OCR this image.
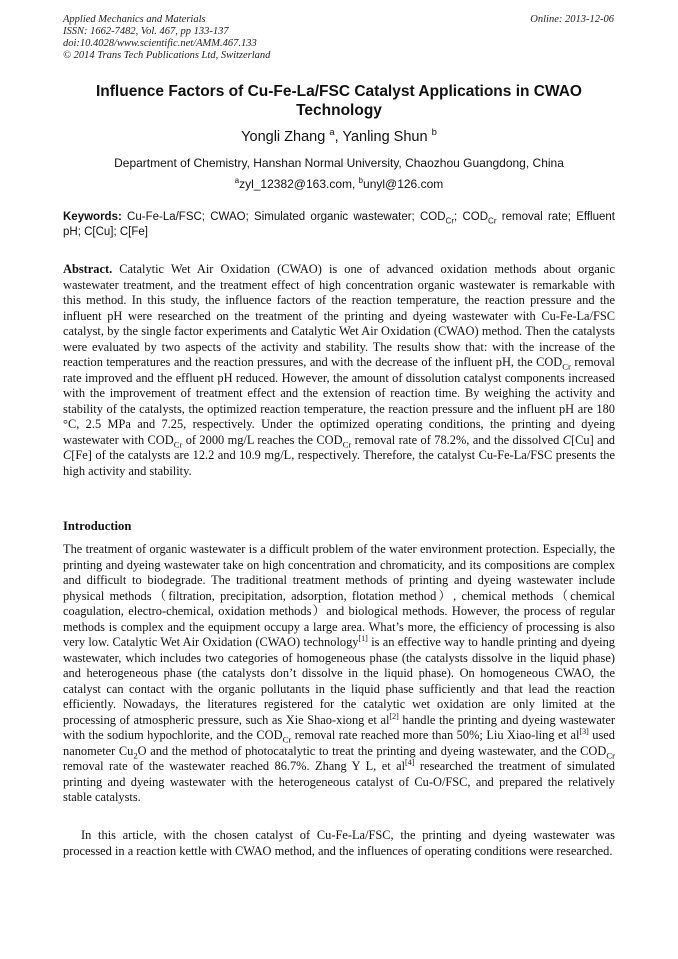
Applied Mechanics and Materials
ISSN: 1662-7482, Vol. 467, pp 133-137
doi:10.4028/www.scientific.net/AMM.467.133
© 2014 Trans Tech Publications Ltd, Switzerland
Online: 2013-12-06
Influence Factors of Cu-Fe-La/FSC Catalyst Applications in CWAO
Technology
Yongli Zhang $^a$, Yanling Shun $^b$
Department of Chemistry, Hanshan Normal University, Chaozhou Guangdong, China
$^a$zyl_12382@163.com, $^b$unyl@126.com
Keywords: Cu-Fe-La/FSC; CWAO; Simulated organic wastewater; $COD_{Cr}$; $COD_{Cr}$ removal rate; Effluent pH; C[Cu]; C[Fe]
Abstract. Catalytic Wet Air Oxidation (CWAO) is one of advanced oxidation methods about organic wastewater treatment, and the treatment effect of high concentration organic wastewater is remarkable with this method. In this study, the influence factors of the reaction temperature, the reaction pressure and the influent pH were researched on the treatment of the printing and dyeing wastewater with Cu-Fe-La/FSC catalyst, by the single factor experiments and Catalytic Wet Air Oxidation (CWAO) method. Then the catalysts were evaluated by two aspects of the activity and stability. The results show that: with the increase of the reaction temperatures and the reaction pressures, and with the decrease of the influent pH, the $COD_{Cr}$ removal rate improved and the effluent pH reduced. However, the amount of dissolution catalyst components increased with the improvement of treatment effect and the extension of reaction time. By weighing the activity and stability of the catalysts, the optimized reaction temperature, the reaction pressure and the influent pH are 180 °C, 2.5 MPa and 7.25, respectively. Under the optimized operating conditions, the printing and dyeing wastewater with $COD_{Cr}$ of 2000 mg/L reaches the $COD_{Cr}$ removal rate of 78.2%, and the dissolved C[Cu] and C[Fe] of the catalysts are 12.2 and 10.9 mg/L, respectively. Therefore, the catalyst Cu-Fe-La/FSC presents the high activity and stability.
Introduction
The treatment of organic wastewater is a difficult problem of the water environment protection. Especially, the printing and dyeing wastewater take on high concentration and chromaticity, and its compositions are complex and difficult to biodegrade. The traditional treatment methods of printing and dyeing wastewater include physical methods（filtration, precipitation, adsorption, flotation method）, chemical methods（chemical coagulation, electro-chemical, oxidation methods）and biological methods. However, the process of regular methods is complex and the equipment occupy a large area. What’s more, the efficiency of processing is also very low. Catalytic Wet Air Oxidation (CWAO) technology[1] is an effective way to handle printing and dyeing wastewater, which includes two categories of homogeneous phase (the catalysts dissolve in the liquid phase) and heterogeneous phase (the catalysts don’t dissolve in the liquid phase). On homogeneous CWAO, the catalyst can contact with the organic pollutants in the liquid phase sufficiently and that lead the reaction efficiently. Nowadays, the literatures registered for the catalytic wet oxidation are only limited at the processing of atmospheric pressure, such as Xie Shao-xiong et al[2] handle the printing and dyeing wastewater with the sodium hypochlorite, and the $COD_{Cr}$ removal rate reached more than 50%; Liu Xiao-ling et al[3] used nanometer $Cu_2O$ and the method of photocatalytic to treat the printing and dyeing wastewater, and the $COD_{Cr}$ removal rate of the wastewater reached 86.7%. Zhang Y L, et al[4] researched the treatment of simulated printing and dyeing wastewater with the heterogeneous catalyst of Cu-O/FSC, and prepared the relatively stable catalysts.
In this article, with the chosen catalyst of Cu-Fe-La/FSC, the printing and dyeing wastewater was processed in a reaction kettle with CWAO method, and the influences of operating conditions were researched.
